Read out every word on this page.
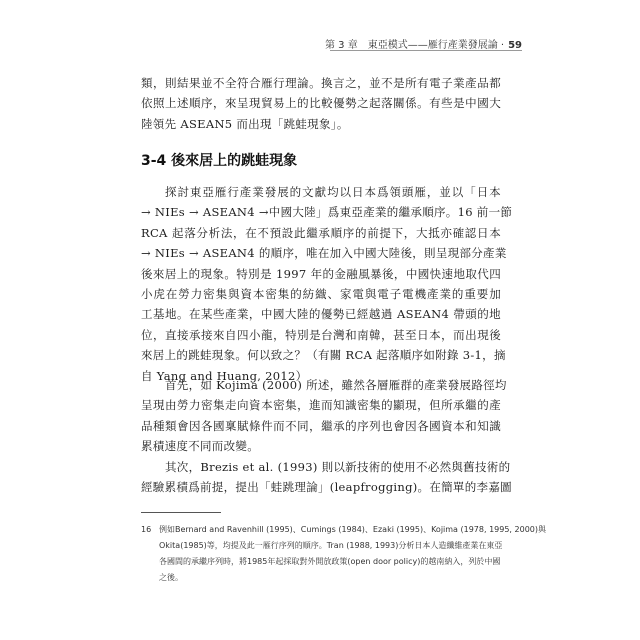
第 3 章　東亞模式——雁行產業發展論 ‧ 59
類，則結果並不全符合雁行理論。換言之，並不是所有電子業產品都
依照上述順序，來呈現貿易上的比較優勢之起落關係。有些是中國大
陸領先 ASEAN5 而出現「跳蛙現象」。
3-4 後來居上的跳蛙現象
探討東亞雁行產業發展的文獻均以日本爲領頭雁，並以「日本
→ NIEs → ASEAN4 →中國大陸」爲東亞產業的繼承順序。16 前一節
RCA 起落分析法，在不預設此繼承順序的前提下，大抵亦確認日本
→ NIEs → ASEAN4 的順序，唯在加入中國大陸後，則呈現部分產業
後來居上的現象。特別是 1997 年的金融風暴後，中國快速地取代四
小虎在勞力密集與資本密集的紡織、家電與電子電機產業的重要加
工基地。在某些產業，中國大陸的優勢已經越過 ASEAN4 帶頭的地
位，直接承接來自四小龍，特別是台灣和南韓，甚至日本，而出現後
來居上的跳蛙現象。何以致之？（有關 RCA 起落順序如附錄 3-1，摘
自 Yang and Huang, 2012）
首先，如 Kojima (2000) 所述，雖然各層雁群的產業發展路徑均
呈現由勞力密集走向資本密集，進而知識密集的顯現，但所承繼的產
品種類會因各國稟賦條件而不同，繼承的序列也會因各國資本和知識
累積速度不同而改變。
其次，Brezis et al. (1993) 則以新技術的使用不必然與舊技術的
經驗累積爲前提，提出「蛙跳理論」(leapfrogging)。在簡單的李嘉圖
16 例如Bernard and Ravenhill (1995)、Cumings (1984)、Ezaki (1995)、Kojima (1978, 1995, 2000)與
Okita(1985)等，均提及此一雁行序列的順序。Tran (1988, 1993)分析日本人造纖維產業在東亞
各國間的承繼序列時，將1985年起採取對外開放政策(open door policy)的越南納入，列於中國
之後。
